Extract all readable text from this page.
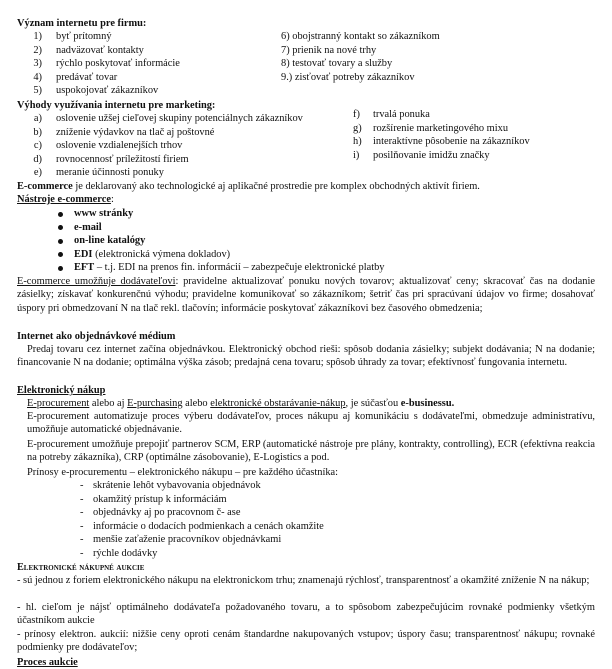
Význam internetu pre firmu:
1) byť prítomný
2) nadväzovať kontakty
3) rýchlo poskytovať informácie
4) predávať tovar
5) uspokojovať zákazníkov
6) obojstranný kontakt so zákazníkom
7) prienik na nové trhy
8) testovať tovary a služby
9.) zisťovať potreby zákazníkov
Výhody využívania internetu pre marketing:
a) oslovenie užšej cieľovej skupiny potenciálnych zákazníkov
b) zníženie výdavkov na tlač aj poštovné
c) oslovenie vzdialenejších trhov
d) rovnocennosť príležitostí firiem
e) meranie účinnosti ponuky
f) trvalá ponuka
g) rozšírenie marketingového mixu
h) interaktívne pôsobenie na zákazníkov
i) posilňovanie imidžu značky
E-commerce je deklarovaný ako technologické aj aplikačné prostredie pre komplex obchodných aktivít firiem.
Nástroje e-commerce:
www stránky
e-mail
on-line katalógy
EDI (elektronická výmena dokladov)
EFT – t.j. EDI na prenos fin. informácií – zabezpečuje elektronické platby
E-commerce umožňuje dodávateľovi: pravidelne aktualizovať ponuku nových tovarov; aktualizovať ceny; skracovať čas na dodanie zásielky; získavať konkurenčnú výhodu; pravidelne komunikovať so zákazníkom; šetriť čas pri spracúvaní údajov vo firme; dosahovať úspory pri obmedzovaní N na tlač rekl. tlačovín; informácie poskytovať zákazníkovi bez časového obmedzenia;
Internet ako objednávkové médium
Predaj tovaru cez internet začína objednávkou. Elektronický obchod rieši: spôsob dodania zásielky; subjekt dodávania; N na dodanie; financovanie N na dodanie; optimálna výška zásob; predajná cena tovaru; spôsob úhrady za tovar; efektívnosť fungovania internetu.
Elektronický nákup
E-procurement alebo aj E-purchasing alebo elektronické obstarávanie-nákup, je súčasťou e-businessu.
E-procurement automatizuje proces výberu dodávateľov, proces nákupu aj komunikáciu s dodávateľmi, obmedzuje administratívu, umožňuje automatické objednávanie.
E-procurement umožňuje prepojiť partnerov SCM, ERP (automatické nástroje pre plány, kontrakty, controlling), ECR (efektívna reakcia na potreby zákazníka), CRP (optimálne zásobovanie), E-Logistics a pod.
Prínosy e-procurementu – elektronického nákupu – pre každého účastníka:
- skrátenie lehôt vybavovania objednávok
- okamžitý prístup k informáciám
- objednávky aj po pracovnom č- ase
- informácie o dodacích podmienkach a cenách okamžite
- menšie zaťaženie pracovníkov objednávkami
- rýchle dodávky
Elektronické nákupné aukcie
- sú jednou z foriem elektronického nákupu na elektronickom trhu; znamenajú rýchlosť, transparentnosť a okamžité zníženie N na nákup;
- hl. cieľom je nájsť optimálneho dodávateľa požadovaného tovaru, a to spôsobom zabezpečujúcim rovnaké podmienky všetkým účastníkom aukcie
- prínosy elektron. aukcií: nižšie ceny oproti cenám štandardne nakupovaných vstupov; úspory času; transparentnosť nákupu; rovnaké podmienky pre dodávateľov;
Proces aukcie
